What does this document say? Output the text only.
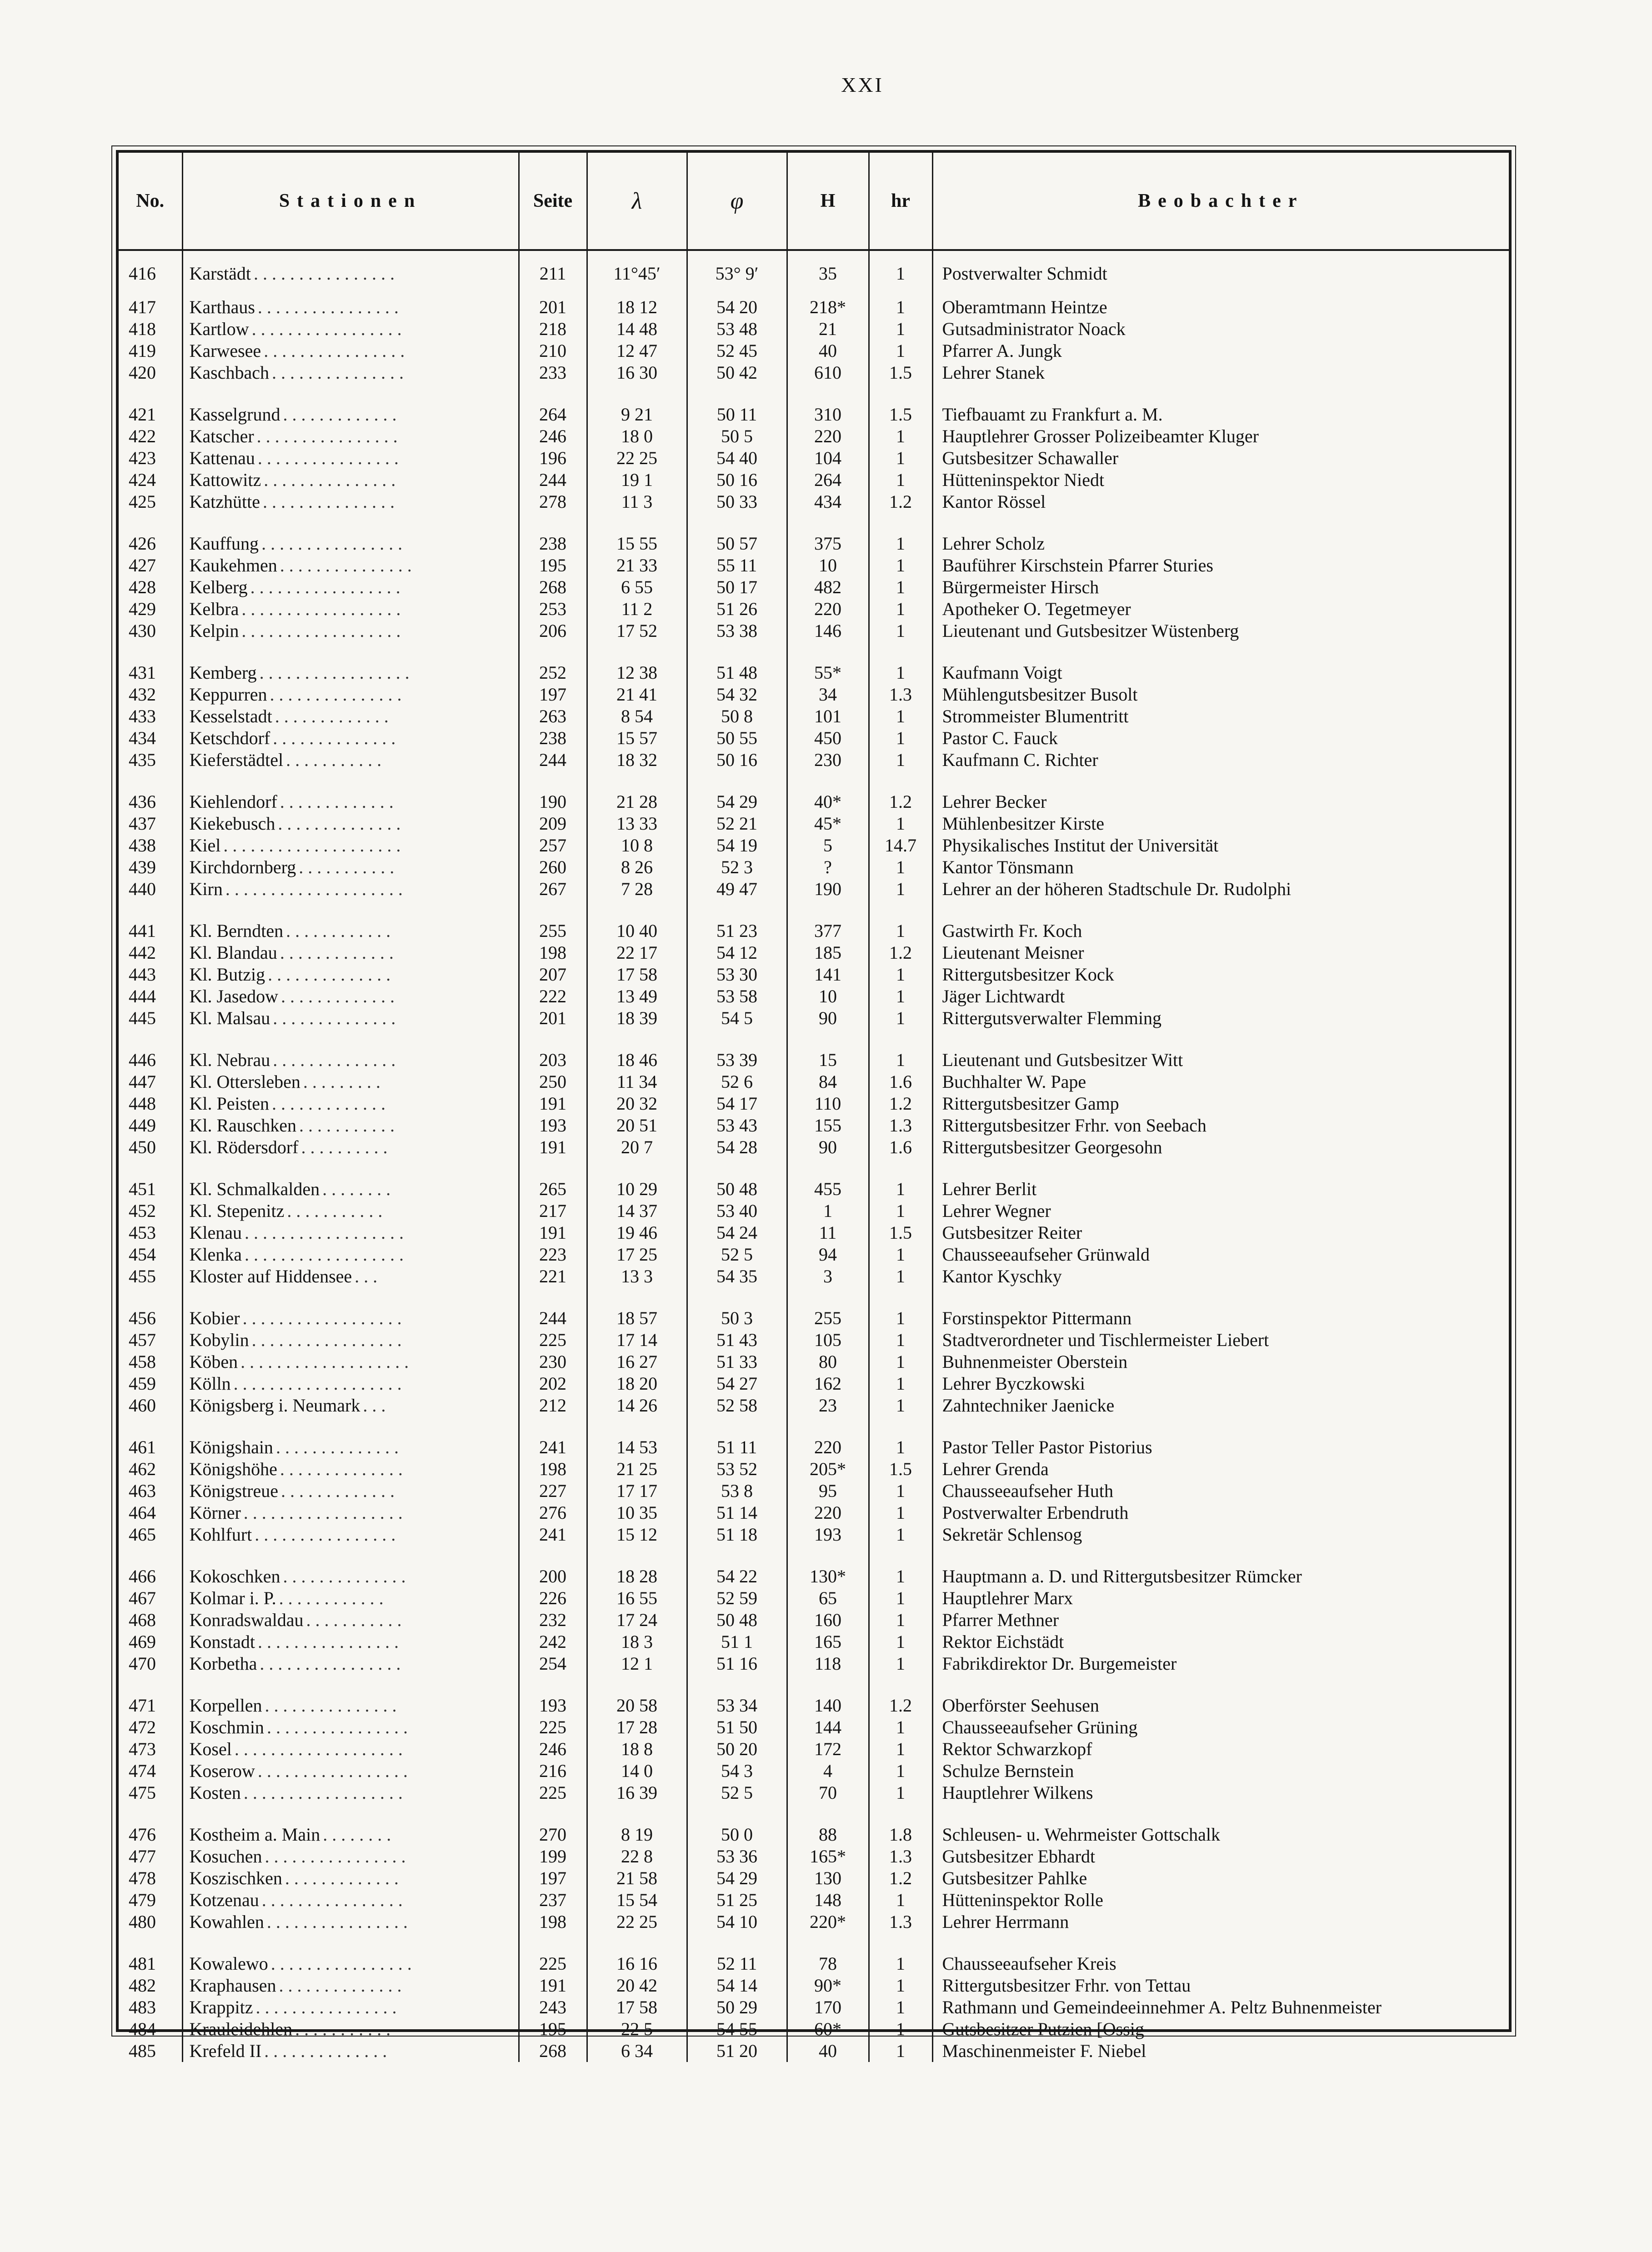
XXI
No.	Stationen	Seite	λ	φ	H	hr	Beobachter
416	Karstädt ................	211	11°45′	53° 9′	35	1	Postverwalter Schmidt
417	Karthaus ................	201	18 12	54 20	218*	1	Oberamtmann Heintze
418	Kartlow .................	218	14 48	53 48	21	1	Gutsadministrator Noack
419	Karwesee ................	210	12 47	52 45	40	1	Pfarrer A. Jungk
420	Kaschbach ...............	233	16 30	50 42	610	1.5	Lehrer Stanek

421	Kasselgrund .............	264	9 21	50 11	310	1.5	Tiefbauamt zu Frankfurt a. M.
422	Katscher ................	246	18 0	50 5	220	1	Hauptlehrer Grosser Polizeibeamter Kluger
423	Kattenau ................	196	22 25	54 40	104	1	Gutsbesitzer Schawaller
424	Kattowitz ...............	244	19 1	50 16	264	1	Hütteninspektor Niedt
425	Katzhütte ...............	278	11 3	50 33	434	1.2	Kantor Rössel

426	Kauffung ................	238	15 55	50 57	375	1	Lehrer Scholz
427	Kaukehmen ...............	195	21 33	55 11	10	1	Bauführer Kirschstein Pfarrer Sturies
428	Kelberg .................	268	6 55	50 17	482	1	Bürgermeister Hirsch
429	Kelbra ..................	253	11 2	51 26	220	1	Apotheker O. Tegetmeyer
430	Kelpin ..................	206	17 52	53 38	146	1	Lieutenant und Gutsbesitzer Wüstenberg

431	Kemberg .................	252	12 38	51 48	55*	1	Kaufmann Voigt
432	Keppurren ...............	197	21 41	54 32	34	1.3	Mühlengutsbesitzer Busolt
433	Kesselstadt .............	263	8 54	50 8	101	1	Strommeister Blumentritt
434	Ketschdorf ..............	238	15 57	50 55	450	1	Pastor C. Fauck
435	Kieferstädtel ...........	244	18 32	50 16	230	1	Kaufmann C. Richter

436	Kiehlendorf .............	190	21 28	54 29	40*	1.2	Lehrer Becker
437	Kiekebusch ..............	209	13 33	52 21	45*	1	Mühlenbesitzer Kirste
438	Kiel ....................	257	10 8	54 19	5	14.7	Physikalisches Institut der Universität
439	Kirchdornberg ...........	260	8 26	52 3	?	1	Kantor Tönsmann
440	Kirn ....................	267	7 28	49 47	190	1	Lehrer an der höheren Stadtschule Dr. Rudolphi

441	Kl. Berndten ............	255	10 40	51 23	377	1	Gastwirth Fr. Koch
442	Kl. Blandau .............	198	22 17	54 12	185	1.2	Lieutenant Meisner
443	Kl. Butzig ..............	207	17 58	53 30	141	1	Rittergutsbesitzer Kock
444	Kl. Jasedow .............	222	13 49	53 58	10	1	Jäger Lichtwardt
445	Kl. Malsau ..............	201	18 39	54 5	90	1	Rittergutsverwalter Flemming

446	Kl. Nebrau ..............	203	18 46	53 39	15	1	Lieutenant und Gutsbesitzer Witt
447	Kl. Ottersleben .........	250	11 34	52 6	84	1.6	Buchhalter W. Pape
448	Kl. Peisten .............	191	20 32	54 17	110	1.2	Rittergutsbesitzer Gamp
449	Kl. Rauschken ...........	193	20 51	53 43	155	1.3	Rittergutsbesitzer Frhr. von Seebach
450	Kl. Rödersdorf ..........	191	20 7	54 28	90	1.6	Rittergutsbesitzer Georgesohn

451	Kl. Schmalkalden ........	265	10 29	50 48	455	1	Lehrer Berlit
452	Kl. Stepenitz ...........	217	14 37	53 40	1	1	Lehrer Wegner
453	Klenau ..................	191	19 46	54 24	11	1.5	Gutsbesitzer Reiter
454	Klenka ..................	223	17 25	52 5	94	1	Chausseeaufseher Grünwald
455	Kloster auf Hiddensee ...	221	13 3	54 35	3	1	Kantor Kyschky

456	Kobier ..................	244	18 57	50 3	255	1	Forstinspektor Pittermann
457	Kobylin .................	225	17 14	51 43	105	1	Stadtverordneter und Tischlermeister Liebert
458	Köben ...................	230	16 27	51 33	80	1	Buhnenmeister Oberstein
459	Kölln ...................	202	18 20	54 27	162	1	Lehrer Byczkowski
460	Königsberg i. Neumark ...	212	14 26	52 58	23	1	Zahntechniker Jaenicke

461	Königshain ..............	241	14 53	51 11	220	1	Pastor Teller Pastor Pistorius
462	Königshöhe ..............	198	21 25	53 52	205*	1.5	Lehrer Grenda
463	Königstreue .............	227	17 17	53 8	95	1	Chausseeaufseher Huth
464	Körner ..................	276	10 35	51 14	220	1	Postverwalter Erbendruth
465	Kohlfurt ................	241	15 12	51 18	193	1	Sekretär Schlensog

466	Kokoschken ..............	200	18 28	54 22	130*	1	Hauptmann a. D. und Rittergutsbesitzer Rümcker
467	Kolmar i. P. ............	226	16 55	52 59	65	1	Hauptlehrer Marx
468	Konradswaldau ...........	232	17 24	50 48	160	1	Pfarrer Methner
469	Konstadt ................	242	18 3	51 1	165	1	Rektor Eichstädt
470	Korbetha ................	254	12 1	51 16	118	1	Fabrikdirektor Dr. Burgemeister

471	Korpellen ...............	193	20 58	53 34	140	1.2	Oberförster Seehusen
472	Koschmin ................	225	17 28	51 50	144	1	Chausseeaufseher Grüning
473	Kosel ...................	246	18 8	50 20	172	1	Rektor Schwarzkopf
474	Koserow .................	216	14 0	54 3	4	1	Schulze Bernstein
475	Kosten ..................	225	16 39	52 5	70	1	Hauptlehrer Wilkens

476	Kostheim a. Main ........	270	8 19	50 0	88	1.8	Schleusen- u. Wehrmeister Gottschalk
477	Kosuchen ................	199	22 8	53 36	165*	1.3	Gutsbesitzer Ebhardt
478	Koszischken .............	197	21 58	54 29	130	1.2	Gutsbesitzer Pahlke
479	Kotzenau ................	237	15 54	51 25	148	1	Hütteninspektor Rolle
480	Kowahlen ................	198	22 25	54 10	220*	1.3	Lehrer Herrmann

481	Kowalewo ................	225	16 16	52 11	78	1	Chausseeaufseher Kreis
482	Kraphausen ..............	191	20 42	54 14	90*	1	Rittergutsbesitzer Frhr. von Tettau
483	Krappitz ................	243	17 58	50 29	170	1	Rathmann und Gemeindeeinnehmer A. Peltz Buhnenmeister
484	Krauleidehlen ...........	195	22 5	54 55	60*	1	Gutsbesitzer Putzien [Ossig
485	Krefeld II ..............	268	6 34	51 20	40	1	Maschinenmeister F. Niebel
